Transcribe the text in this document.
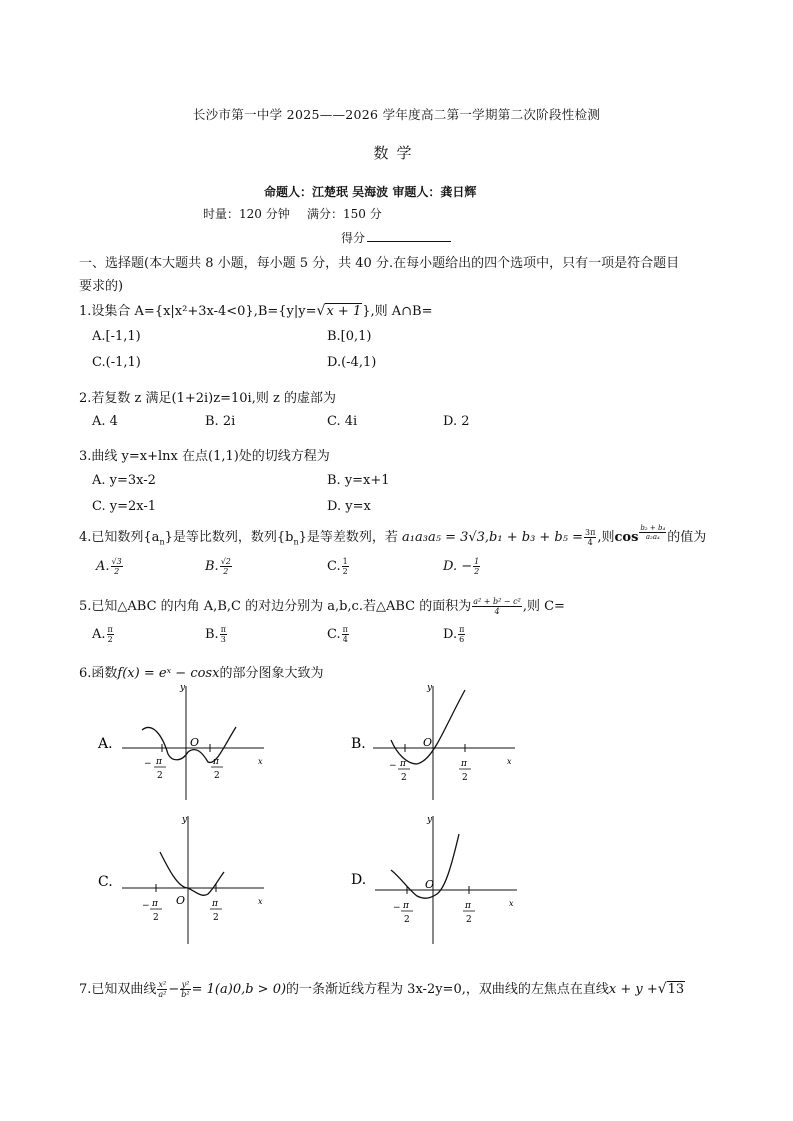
长沙市第一中学 2025——2026 学年度高二第一学期第二次阶段性检测
数学
命题人：江楚珉 吴海波 审题人：龚日辉
时量：120 分钟 满分：150 分
得分
一、选择题(本大题共 8 小题，每小题 5 分，共 40 分.在每小题给出的四个选项中，只有一项是符合题目
要求的)
1.设集合 A={x|x²+3x-4<0},B={y|y=√x + 1},则 A∩B=
A.[-1,1)	B.[0,1)
C.(-1,1)	D.(-4,1)
2.若复数 z 满足(1+2i)z=10i,则 z 的虚部为
A. 4	B. 2i	C. 4i	D. 2
3.曲线 y=x+lnx 在点(1,1)处的切线方程为
A. y=3x-2	B. y=x+1
C. y=2x-1	D. y=x
4.已知数列$\{a_n\}$是等比数列，数列$\{b_n\}$是等差数列，若 $a_1a_3a_5 = 3√3,b_1 + b_3 + b_5 = \frac{3\pi}{4}$ ,则cos $^{\frac{\text{b₂ + b₄}}{\text{a₂a₄}}}$ 的值为
A. $\frac{√3}{2}$	B. $\frac{√2}{2}$	C. $\frac{1}{2}$	D. − $\frac{1}{2}$
5.已知△ABC 的内角 A,B,C 的对边分别为 a,b,c.若△ABC 的面积为 $\frac{\text{a² + b² − c²}}{4}$ ,则 C=
A. $\frac{\pi}{2}$	B. $\frac{\pi}{3}$	C. $\frac{\pi}{4}$	D. $\frac{\pi}{6}$
6.函数f(x) = eˣ − cosx的部分图象大致为
A.
y
x
O
− π
2
π
2
B.
y
x
O
− π
2
π
2
C.
y
x
O
− π
2
π
2
D.
y
x
O
− π
2
π
2
7.已知双曲线 $\frac{\text{x²}}{\text{a²}} - \frac{\text{y²}}{\text{b²}} = 1(a)0,b > 0$)的一条渐近线方程为 3x-2y=0,，双曲线的左焦点在直线x + y +√13
